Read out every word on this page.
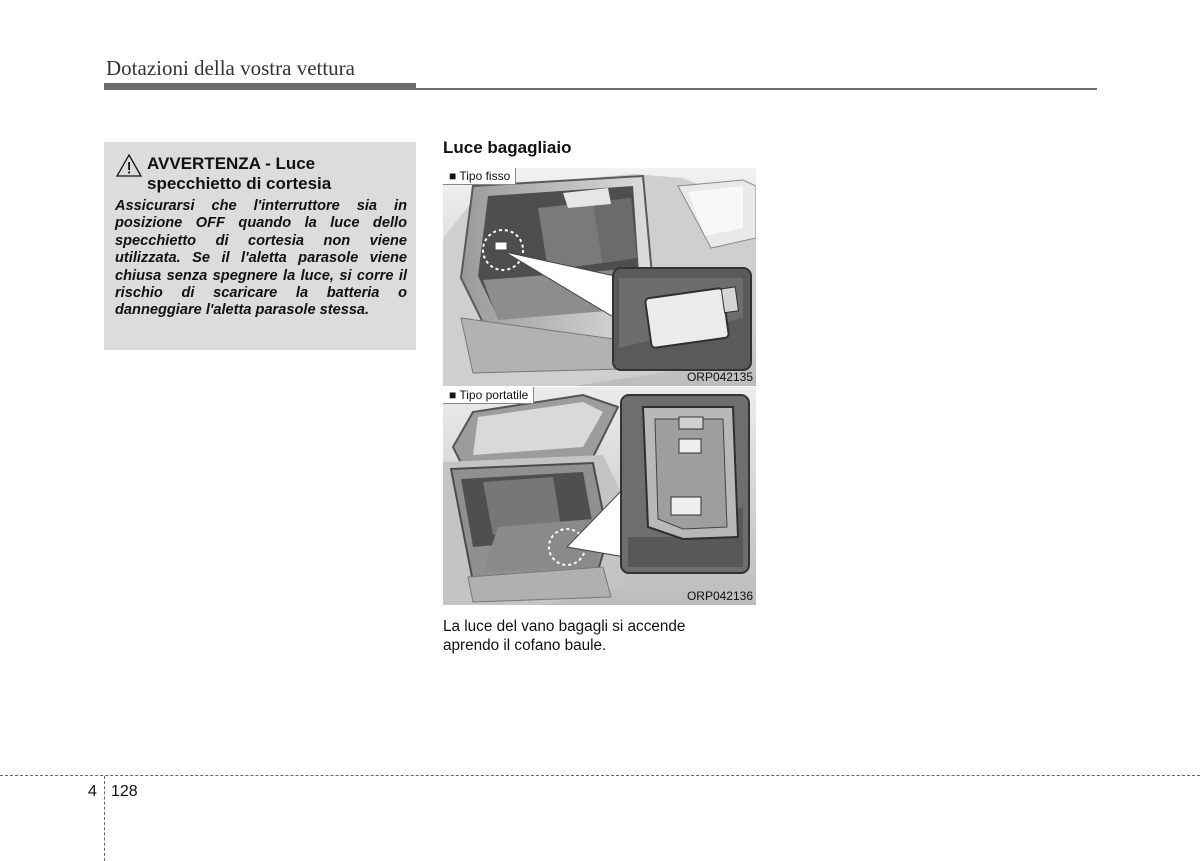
Dotazioni della vostra vettura
AVVERTENZA - Luce
specchietto di cortesia
Assicurarsi che l'interruttore sia in posizione OFF quando la luce dello specchietto di cortesia non viene utilizzata. Se il l'aletta parasole viene chiusa senza spegnere la luce, si corre il rischio di scaricare la batteria o danneggiare l'aletta parasole stessa.
Luce bagagliaio
■ Tipo fisso
ORP042135
■ Tipo portatile
ORP042136
La luce del vano bagagli si accende
aprendo il cofano baule.
4 128
